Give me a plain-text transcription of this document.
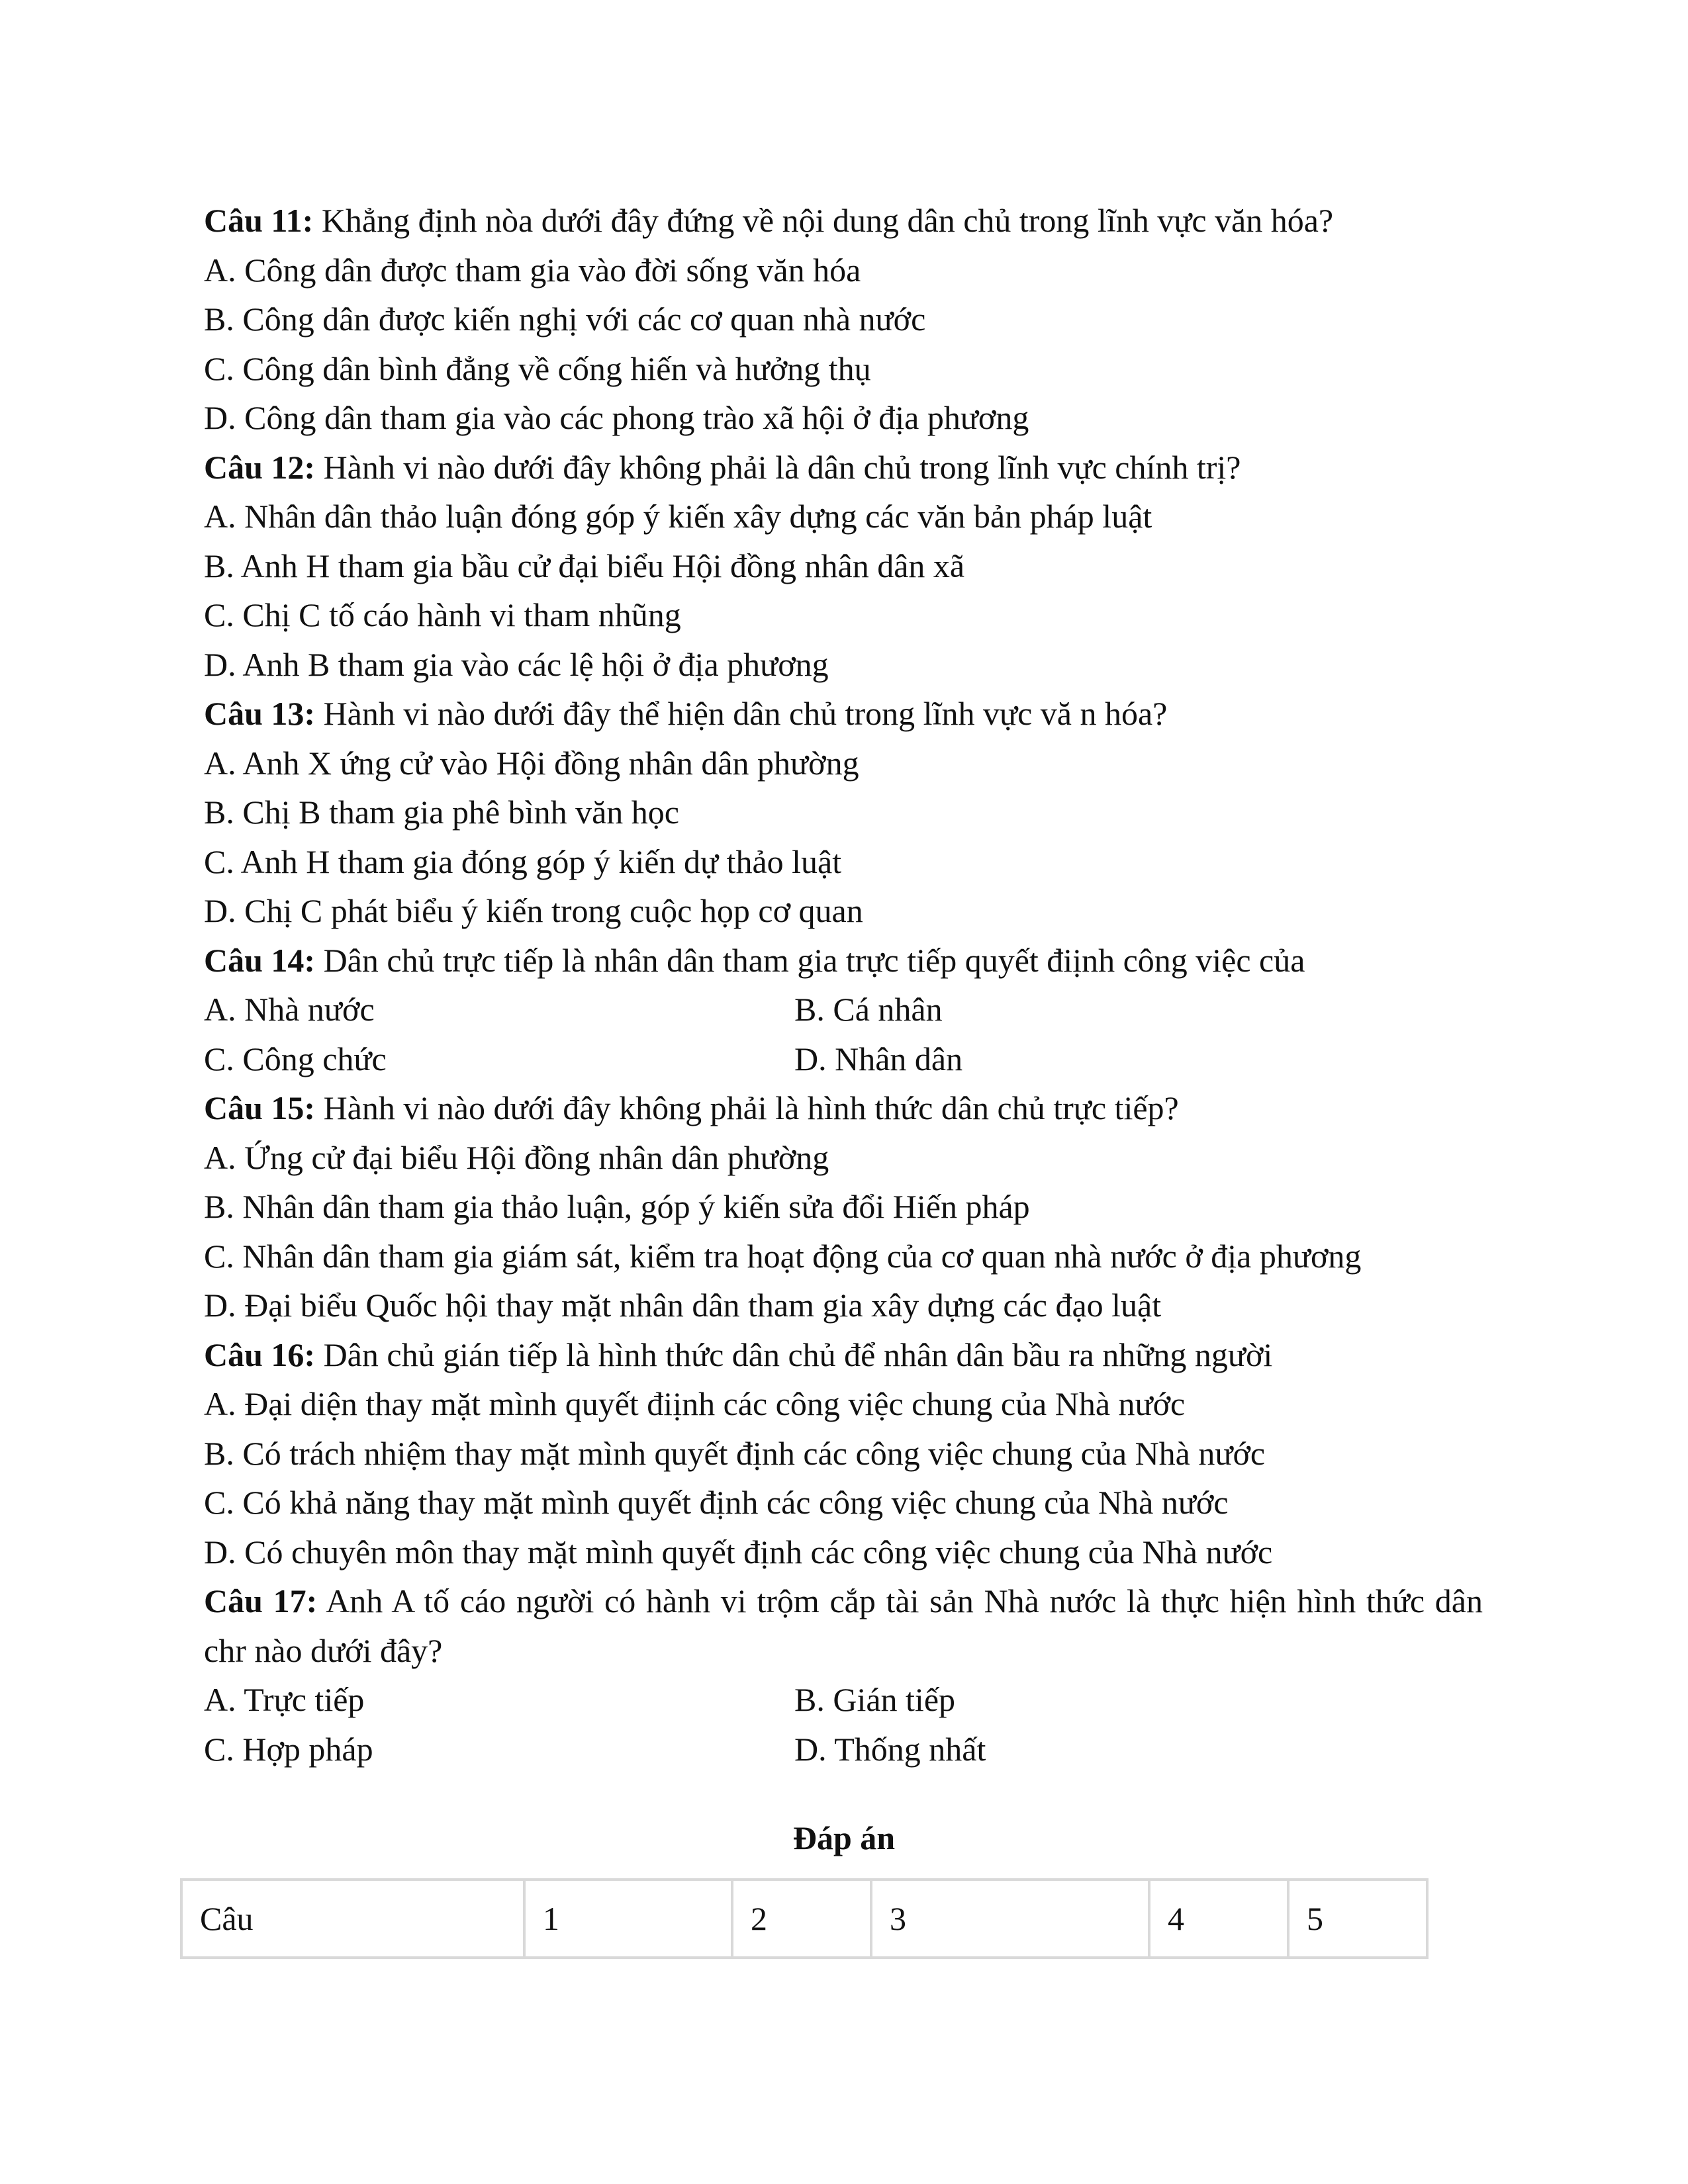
Câu 11: Khẳng định nòa dưới đây đứng về nội dung dân chủ trong lĩnh vực văn hóa?
A. Công dân được tham gia vào đời sống văn hóa
B. Công dân được kiến nghị với các cơ quan nhà nước
C. Công dân bình đẳng về cống hiến và hưởng thụ
D. Công dân tham gia vào các phong trào xã hội ở địa phương
Câu 12: Hành vi nào dưới đây không phải là dân chủ trong lĩnh vực chính trị?
A. Nhân dân thảo luận đóng góp ý kiến xây dựng các văn bản pháp luật
B. Anh H tham gia bầu cử đại biểu Hội đồng nhân dân xã
C. Chị C tố cáo hành vi tham nhũng
D. Anh B tham gia vào các lệ hội ở địa phương
Câu 13: Hành vi nào dưới đây thể hiện dân chủ trong lĩnh vực vă n hóa?
A. Anh X ứng cử vào Hội đồng nhân dân phường
B. Chị B tham gia phê bình văn học
C. Anh H tham gia đóng góp ý kiến dự thảo luật
D. Chị C phát biểu ý kiến trong cuộc họp cơ quan
Câu 14: Dân chủ trực tiếp là nhân dân tham gia trực tiếp quyết điịnh công việc của
A. Nhà nước	B. Cá nhân
C. Công chức	D. Nhân dân
Câu 15: Hành vi nào dưới đây không phải là hình thức dân chủ trực tiếp?
A. Ứng cử đại biểu Hội đồng nhân dân phường
B. Nhân dân tham gia thảo luận, góp ý kiến sửa đổi Hiến pháp
C. Nhân dân tham gia giám sát, kiểm tra hoạt động của cơ quan nhà nước ở địa phương
D. Đại biểu Quốc hội thay mặt nhân dân tham gia xây dựng các đạo luật
Câu 16: Dân chủ gián tiếp là hình thức dân chủ để nhân dân bầu ra những người
A. Đại diện thay mặt mình quyết điịnh các công việc chung của Nhà nước
B. Có trách nhiệm thay mặt mình quyết định các công việc chung của Nhà nước
C. Có khả năng thay mặt mình quyết định các công việc chung của Nhà nước
D. Có chuyên môn thay mặt mình quyết định các công việc chung của Nhà nước
Câu 17: Anh A tố cáo người có hành vi trộm cắp tài sản Nhà nước là thực hiện hình thức dân chr nào dưới đây?
A. Trực tiếp	B. Gián tiếp
C. Hợp pháp	D. Thống nhất
Đáp án
Câu	1	2	3	4	5
